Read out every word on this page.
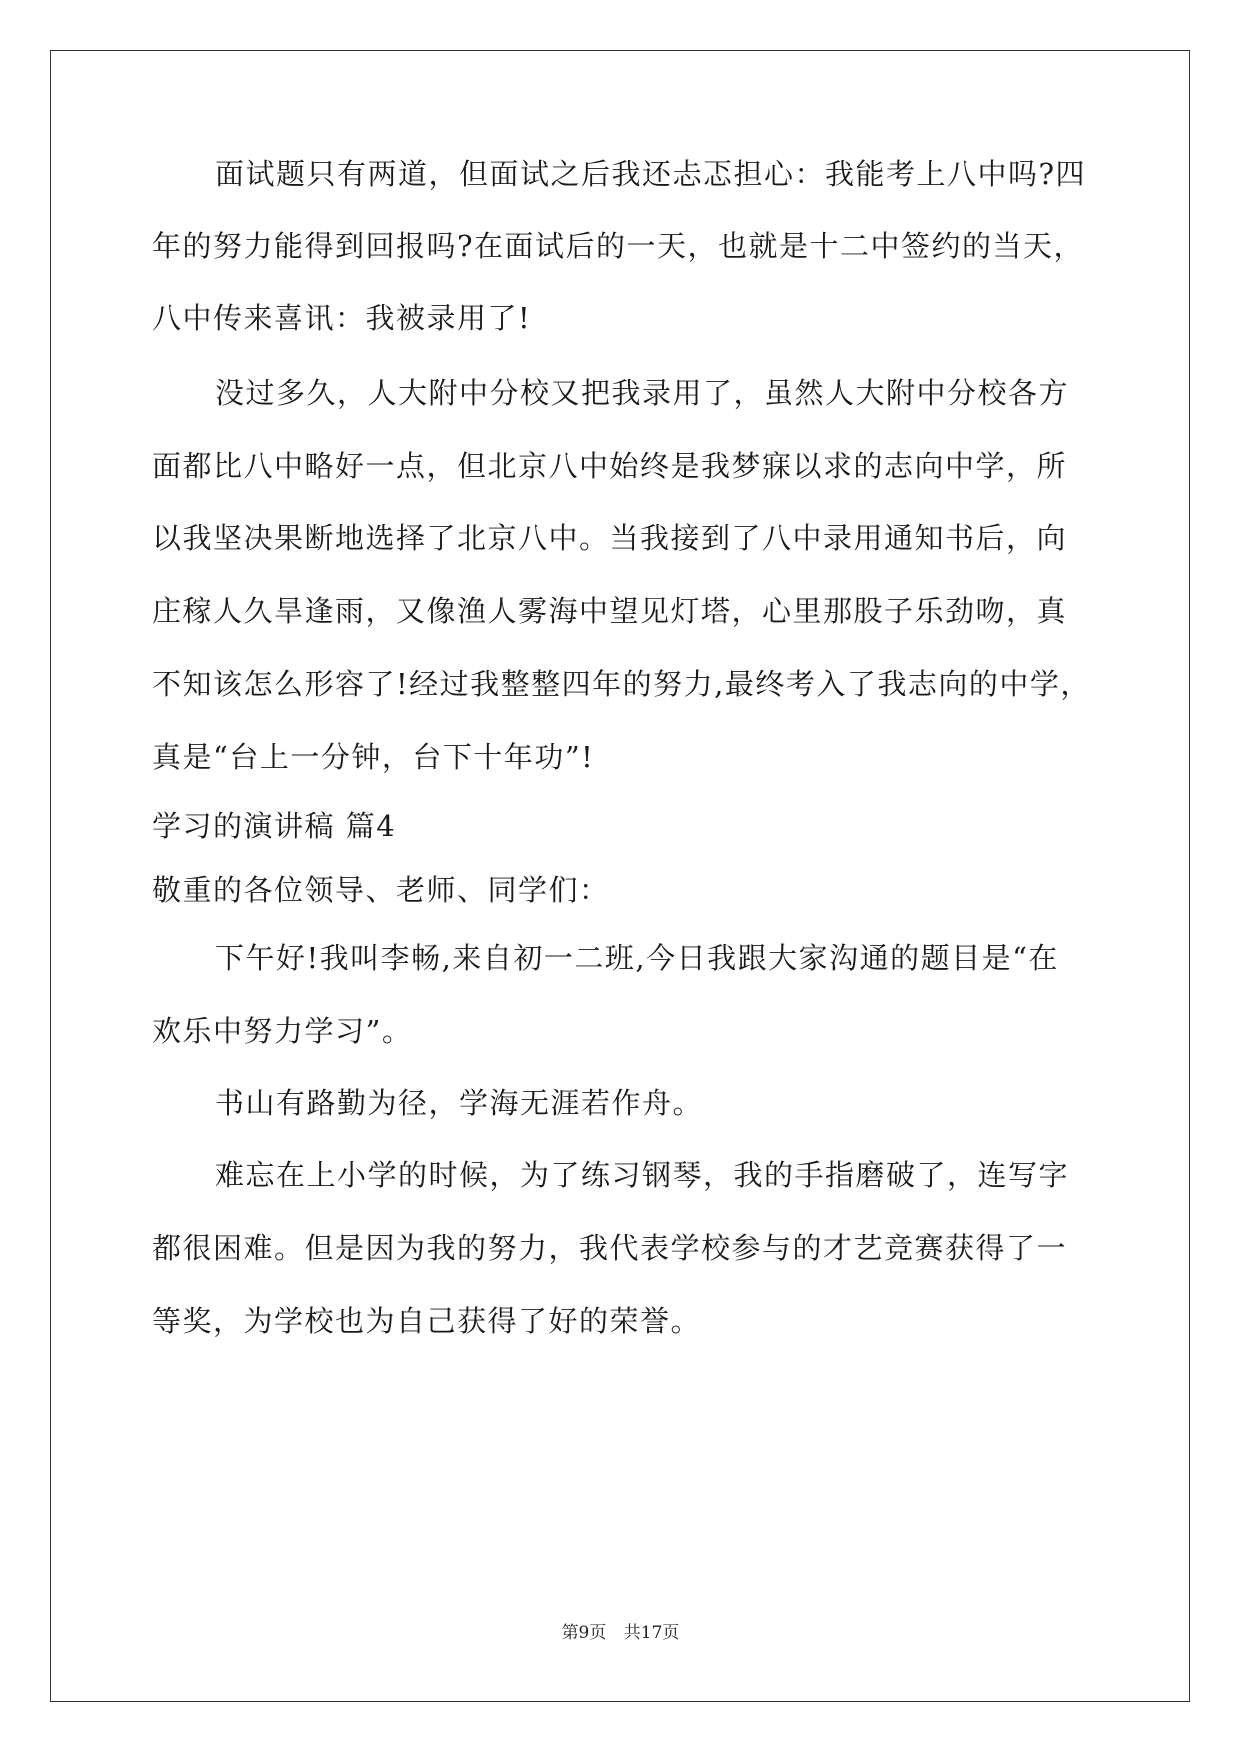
面试题只有两道，但面试之后我还忐忑担心：我能考上八中吗?四
年的努力能得到回报吗?在面试后的一天，也就是十二中签约的当天，
八中传来喜讯：我被录用了!
没过多久，人大附中分校又把我录用了，虽然人大附中分校各方
面都比八中略好一点，但北京八中始终是我梦寐以求的志向中学，所
以我坚决果断地选择了北京八中。当我接到了八中录用通知书后，向
庄稼人久旱逢雨，又像渔人雾海中望见灯塔，心里那股子乐劲吻，真
不知该怎么形容了!经过我整整四年的努力,最终考入了我志向的中学，
真是“台上一分钟，台下十年功”!
学习的演讲稿 篇4
敬重的各位领导、老师、同学们：
下午好!我叫李畅,来自初一二班,今日我跟大家沟通的题目是“在
欢乐中努力学习”。
书山有路勤为径，学海无涯若作舟。
难忘在上小学的时候，为了练习钢琴，我的手指磨破了，连写字
都很困难。但是因为我的努力，我代表学校参与的才艺竞赛获得了一
等奖，为学校也为自己获得了好的荣誉。
第9页 共17页
